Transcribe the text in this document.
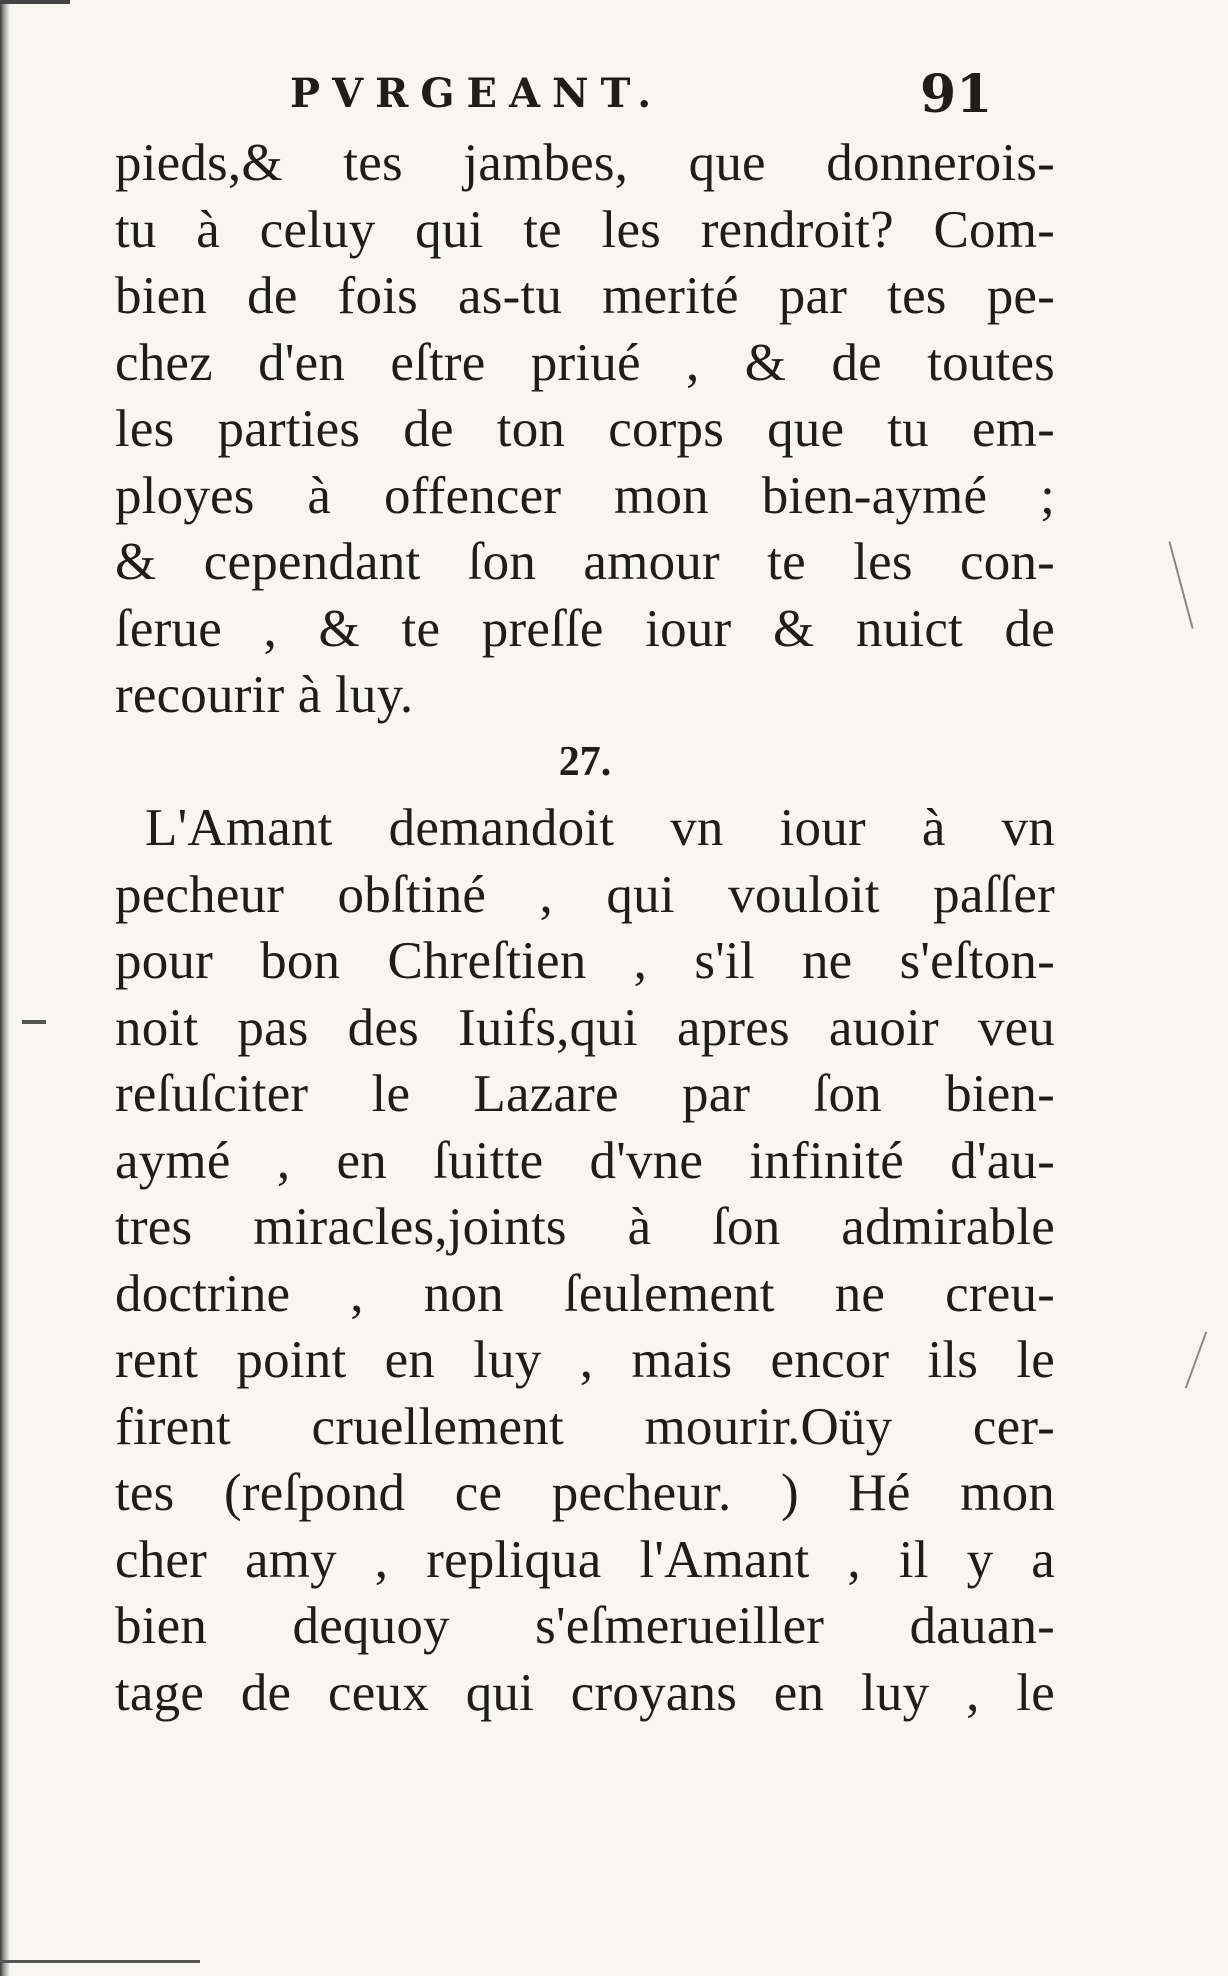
PVRGEANT.	91
pieds,& tes jambes, que donnerois-
tu à celuy qui te les rendroit? Com-
bien de fois as-tu merité par tes pe-
chez d'en eſtre priué , & de toutes
les parties de ton corps que tu em-
ployes à offencer mon bien-aymé ;
& cependant ſon amour te les con-
ſerue , & te preſſe iour & nuict de
recourir à luy.
27.
L'Amant demandoit vn iour à vn
pecheur obſtiné , qui vouloit paſſer
pour bon Chreſtien , s'il ne s'eſton-
noit pas des Iuifs,qui apres auoir veu
reſuſciter le Lazare par ſon bien-
aymé , en ſuitte d'vne infinité d'au-
tres miracles,joints à ſon admirable
doctrine , non ſeulement ne creu-
rent point en luy , mais encor ils le
firent cruellement mourir.Oüy cer-
tes (reſpond ce pecheur. ) Hé mon
cher amy , repliqua l'Amant , il y a
bien dequoy s'eſmerueiller dauan-
tage de ceux qui croyans en luy , le
